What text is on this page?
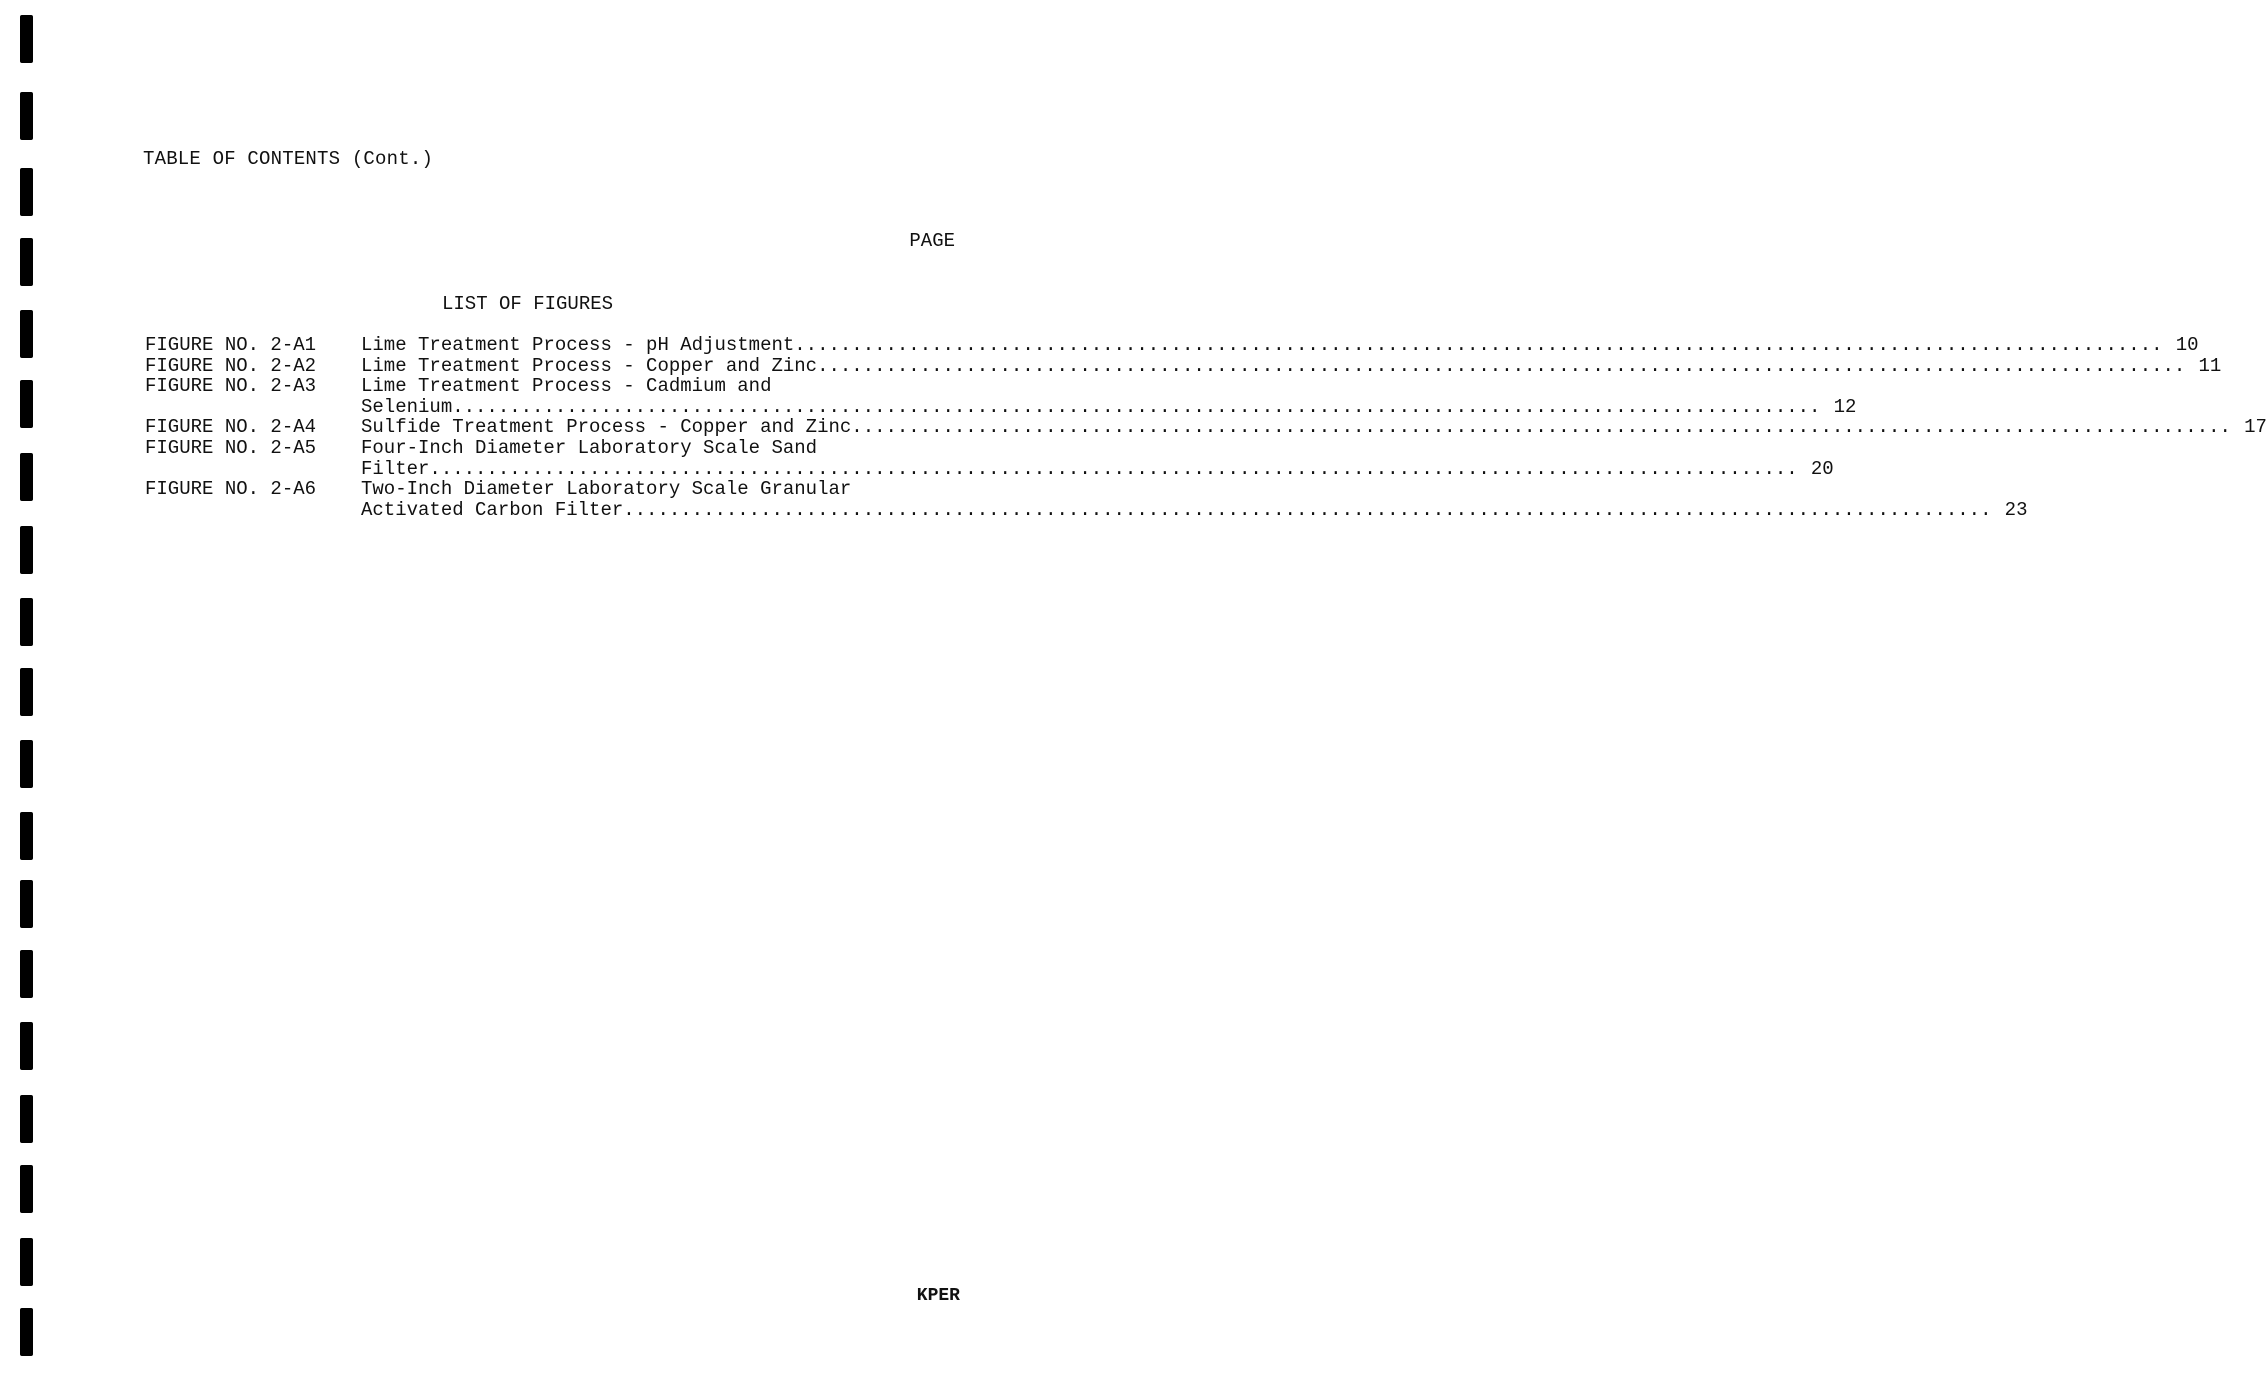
TABLE OF CONTENTS (Cont.)
PAGE
LIST OF FIGURES
FIGURE NO. 2-A1	Lime Treatment Process - pH Adjustment ........................................................................................................................ 10
FIGURE NO. 2-A2	Lime Treatment Process - Copper and Zinc ........................................................................................................................ 11
FIGURE NO. 2-A3	Lime Treatment Process - Cadmium and
Selenium ........................................................................................................................ 12
FIGURE NO. 2-A4	Sulfide Treatment Process - Copper and Zinc. ........................................................................................................................ 17
FIGURE NO. 2-A5	Four-Inch Diameter Laboratory Scale Sand
Filter ........................................................................................................................ 20
FIGURE NO. 2-A6	Two-Inch Diameter Laboratory Scale Granular
Activated Carbon Filter ........................................................................................................................ 23
KPER
